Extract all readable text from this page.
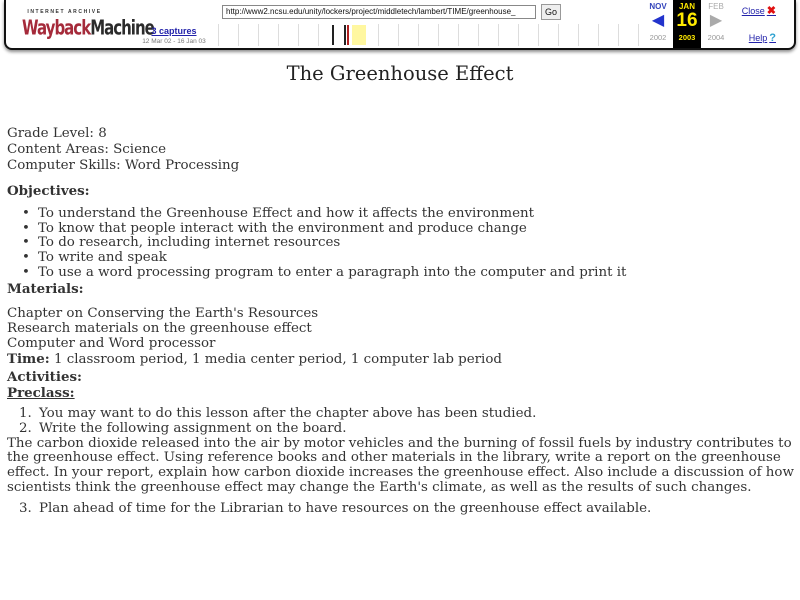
INTERNET ARCHIVE
WaybackMachine
http://www2.ncsu.edu/unity/lockers/project/middletech/lambert/TIME/greenhouse_	Go
3 captures
12 Mar 02 - 16 Jan 03
NOV
◀
2002
JAN
16
2003
FEB
▶
2004
Close ✖
Help ?
The Greenhouse Effect
Grade Level: 8
Content Areas: Science
Computer Skills: Word Processing

Objectives:

• To understand the Greenhouse Effect and how it affects the environment
• To know that people interact with the environment and produce change
• To do research, including internet resources
• To write and speak
• To use a word processing program to enter a paragraph into the computer and print it

Materials:

Chapter on Conserving the Earth's Resources
Research materials on the greenhouse effect
Computer and Word processor

Time: 1 classroom period, 1 media center period, 1 computer lab period

Activities:

Preclass:

1. You may want to do this lesson after the chapter above has been studied.
2. Write the following assignment on the board.

The carbon dioxide released into the air by motor vehicles and the burning of fossil fuels by industry contributes to the greenhouse effect. Using reference books and other materials in the library, write a report on the greenhouse effect. In your report, explain how carbon dioxide increases the greenhouse effect. Also include a discussion of how scientists think the greenhouse effect may change the Earth's climate, as well as the results of such changes.

3. Plan ahead of time for the Librarian to have resources on the greenhouse effect available.
